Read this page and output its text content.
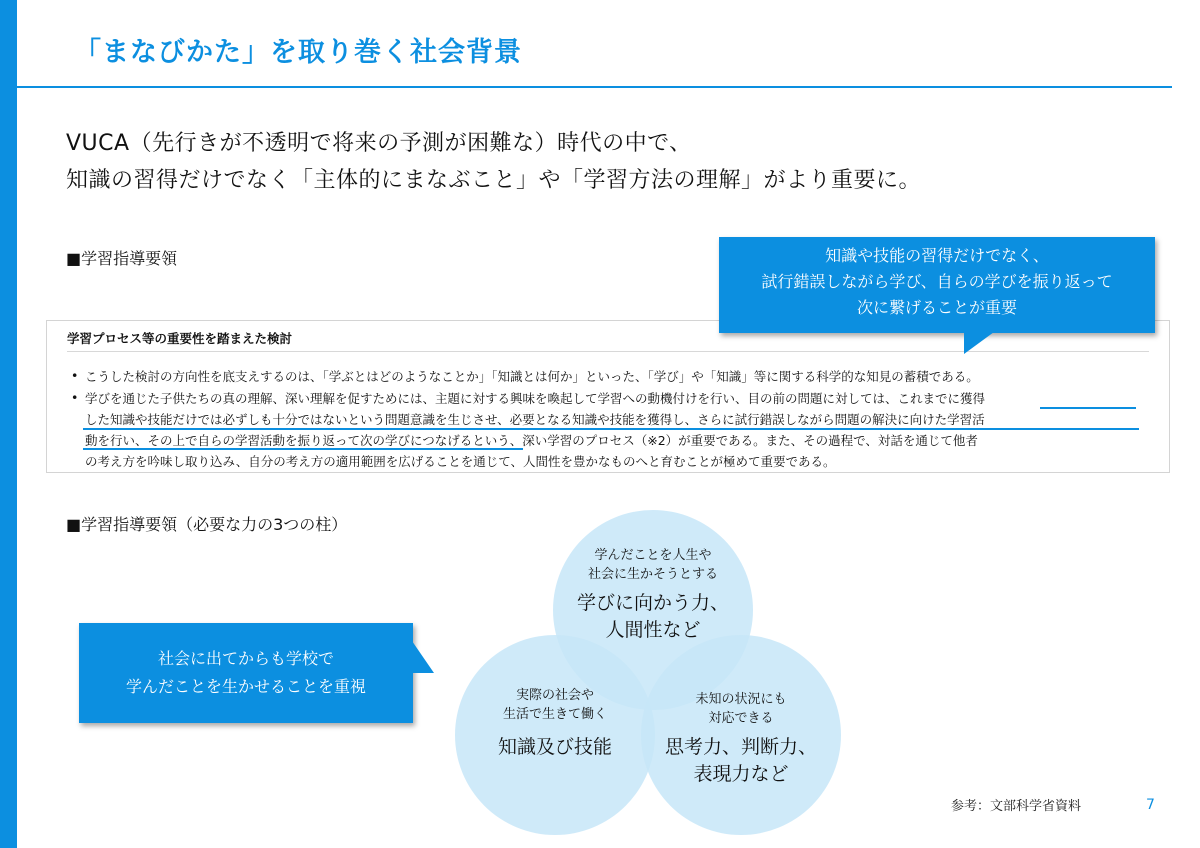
「まなびかた」を取り巻く社会背景
VUCA（先行きが不透明で将来の予測が困難な）時代の中で、
知識の習得だけでなく「主体的にまなぶこと」や「学習方法の理解」がより重要に。
■学習指導要領
学習プロセス等の重要性を踏まえた検討
• こうした検討の方向性を底支えするのは、「学ぶとはどのようなことか」「知識とは何か」といった、「学び」や「知識」等に関する科学的な知見の蓄積である。
• 学びを通じた子供たちの真の理解、深い理解を促すためには、主題に対する興味を喚起して学習への動機付けを行い、目の前の問題に対しては、これまでに獲得
した知識や技能だけでは必ずしも十分ではないという問題意識を生じさせ、必要となる知識や技能を獲得し、さらに試行錯誤しながら問題の解決に向けた学習活
動を行い、その上で自らの学習活動を振り返って次の学びにつなげるという、深い学習のプロセス（※2）が重要である。また、その過程で、対話を通じて他者
の考え方を吟味し取り込み、自分の考え方の適用範囲を広げることを通じて、人間性を豊かなものへと育むことが極めて重要である。
知識や技能の習得だけでなく、
試行錯誤しながら学び、自らの学びを振り返って
次に繋げることが重要
■学習指導要領（必要な力の3つの柱）
学んだことを人生や
社会に生かそうとする
学びに向かう力、
人間性など
実際の社会や
生活で生きて働く
知識及び技能
未知の状況にも
対応できる
思考力、判断力、
表現力など
社会に出てからも学校で
学んだことを生かせることを重視
参考：文部科学省資料	7
